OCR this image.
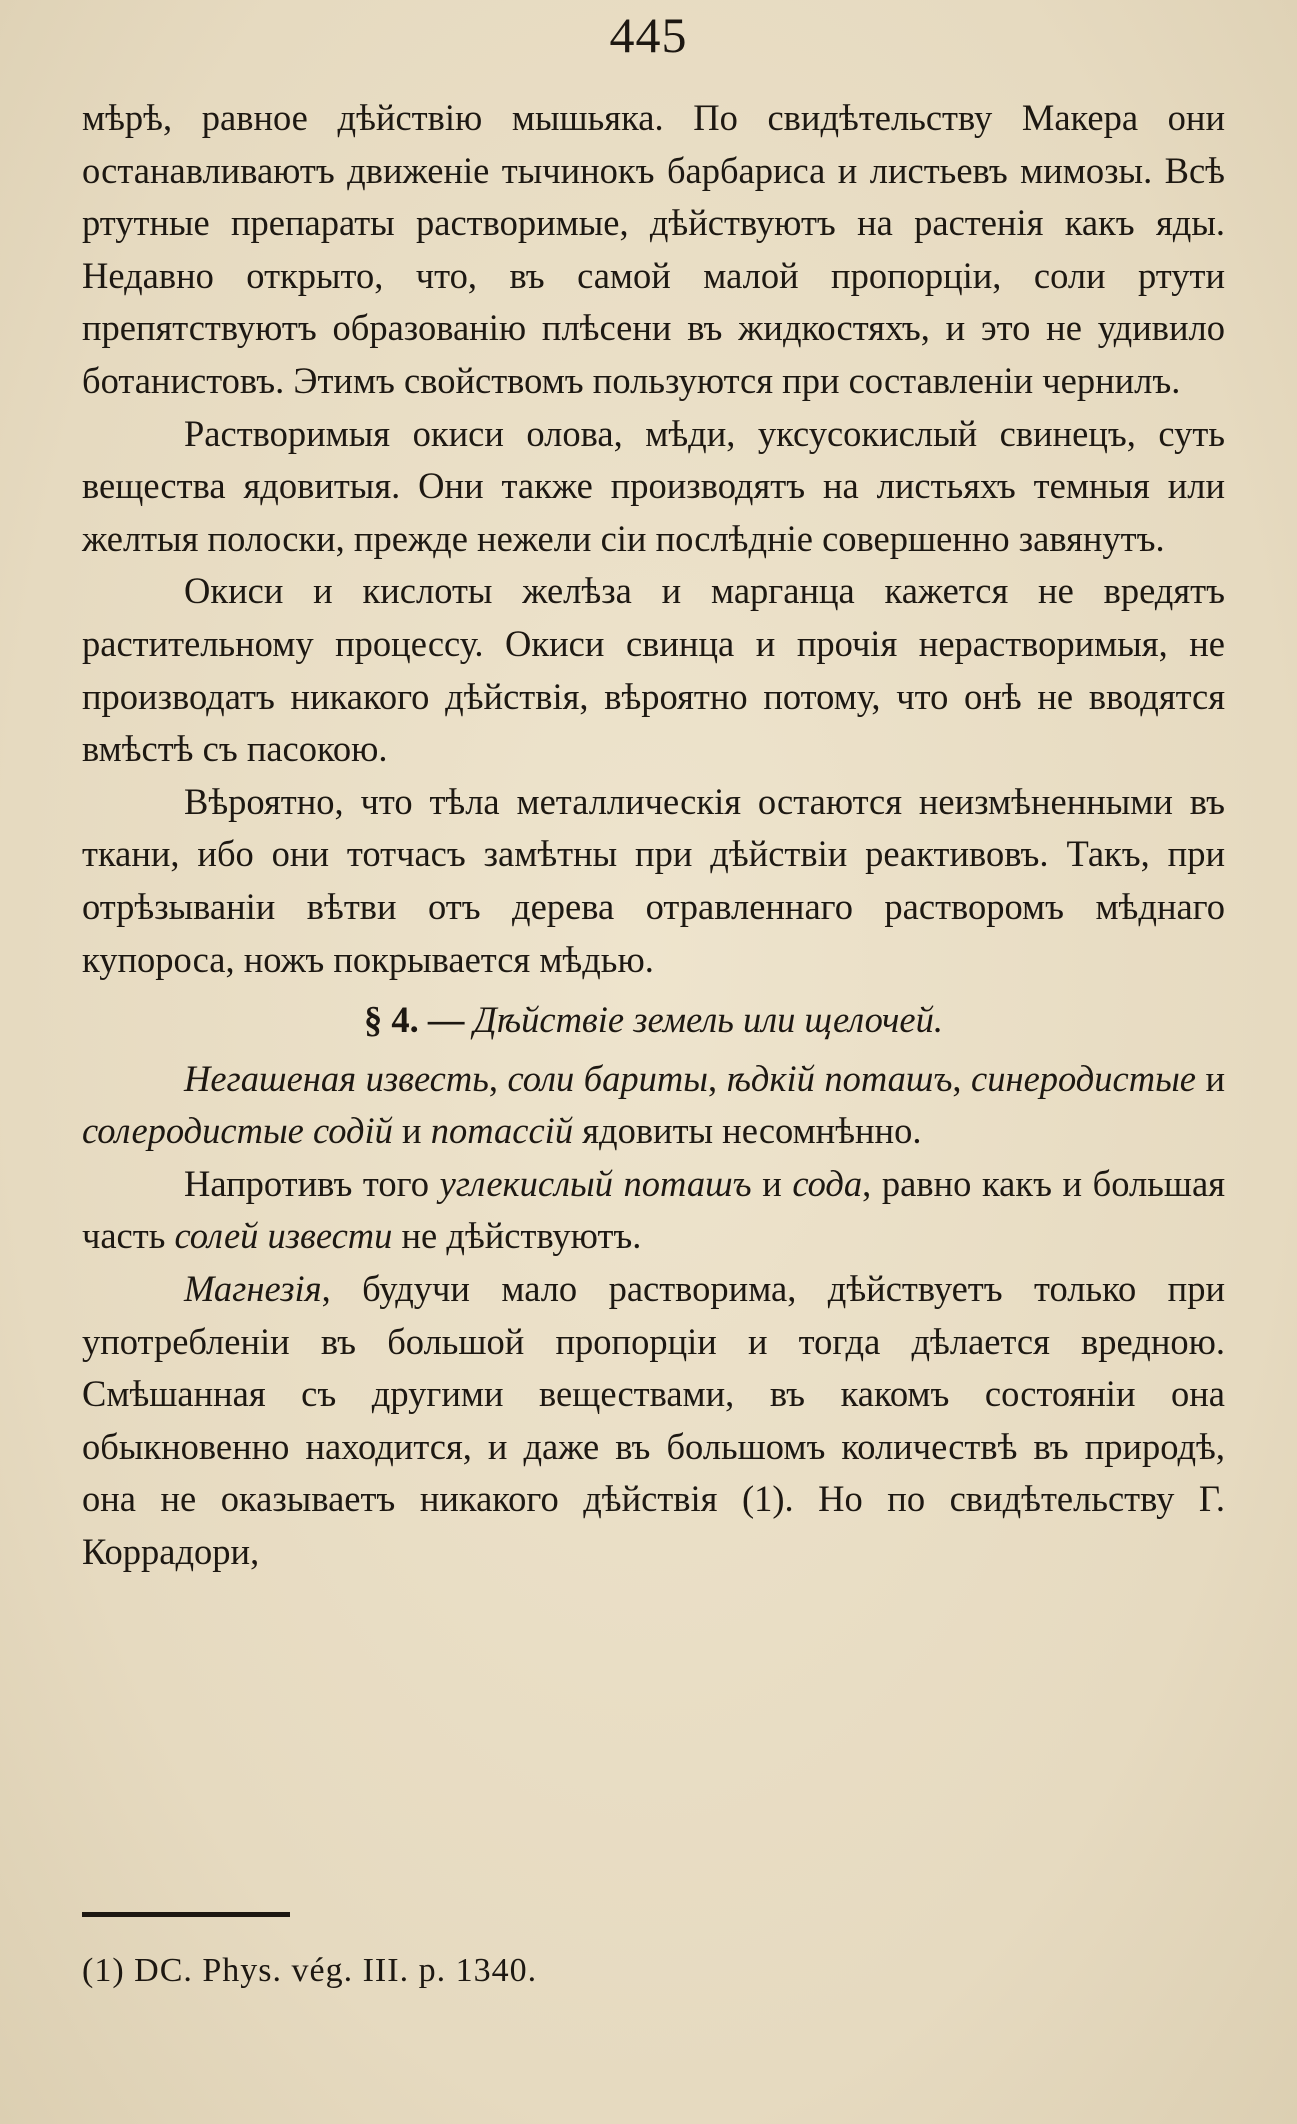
445

мѣрѣ, равное дѣйствію мышьяка. По свидѣтельству Макера они останавливаютъ движеніе тычинокъ барбариса и листьевъ мимозы. Всѣ ртутные препараты растворимые, дѣйствуютъ на растенія какъ яды. Недавно открыто, что, въ самой малой пропорціи, соли ртути препятствуютъ образованію плѣсени въ жидкостяхъ, и это не удивило ботанистовъ. Этимъ свойствомъ пользуются при составленіи чернилъ.

Растворимыя окиси олова, мѣди, уксусокислый свинецъ, суть вещества ядовитыя. Они также производятъ на листьяхъ темныя или желтыя полоски, прежде нежели сіи послѣдніе совершенно завянутъ.

Окиси и кислоты желѣза и марганца кажется не вредятъ растительному процессу. Окиси свинца и прочія нерастворимыя, не производатъ никакого дѣйствія, вѣроятно потому, что онѣ не вводятся вмѣстѣ съ пасокою.

Вѣроятно, что тѣла металлическія остаются неизмѣненными въ ткани, ибо они тотчасъ замѣтны при дѣйствіи реактивовъ. Такъ, при отрѣзываніи вѣтви отъ дерева отравленнаго растворомъ мѣднаго купороса, ножъ покрывается мѣдью.

§ 4. — Дѣйствіе земель или щелочей.

Негашеная известь, соли бариты, ѣдкій поташъ, синеродистые и солеродистые содій и потассій ядовиты несомнѣнно.

Напротивъ того углекислый поташъ и сода, равно какъ и большая часть солей извести не дѣйствуютъ.

Магнезія, будучи мало растворима, дѣйствуетъ только при употребленіи въ большой пропорціи и тогда дѣлается вредною. Смѣшанная съ другими веществами, въ какомъ состояніи она обыкновенно находится, и даже въ большомъ количествѣ въ природѣ, она не оказываетъ никакого дѣйствія (1). Но по свидѣтельству Г. Коррадори,

(1) DC. Phys. vég. III. p. 1340.
